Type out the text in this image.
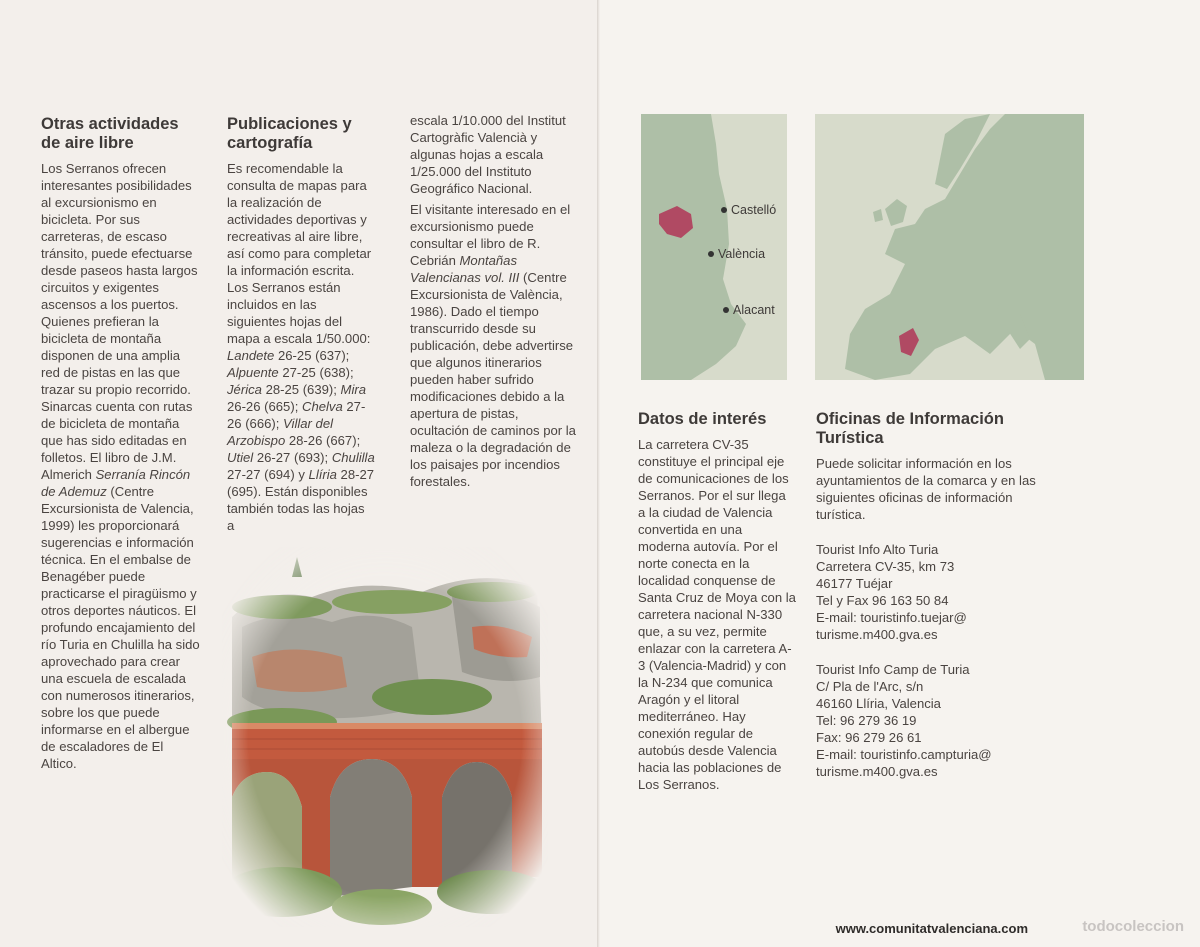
Otras actividades de aire libre

Los Serranos ofrecen interesantes posibilidades al excursionismo en bicicleta. Por sus carreteras, de escaso tránsito, puede efectuarse desde paseos hasta largos circuitos y exigentes ascensos a los puertos. Quienes prefieran la bicicleta de montaña disponen de una amplia red de pistas en las que trazar su propio recorrido. Sinarcas cuenta con rutas de bicicleta de montaña que has sido editadas en folletos. El libro de J.M. Almerich Serranía Rincón de Ademuz (Centre Excursionista de Valencia, 1999) les proporcionará sugerencias e información técnica. En el embalse de Benagéber puede practicarse el piragüismo y otros deportes náuticos. El profundo encajamiento del río Turia en Chulilla ha sido aprovechado para crear una escuela de escalada con numerosos itinerarios, sobre los que puede informarse en el albergue de escaladores de El Altico.

Publicaciones y cartografía

Es recomendable la consulta de mapas para la realización de actividades deportivas y recreativas al aire libre, así como para completar la información escrita. Los Serranos están incluidos en las siguientes hojas del mapa a escala 1/50.000: Landete 26-25 (637); Alpuente 27-25 (638); Jérica 28-25 (639); Mira 26-26 (665); Chelva 27-26 (666); Villar del Arzobispo 28-26 (667); Utiel 26-27 (693); Chulilla 27-27 (694) y Llíria 28-27 (695). Están disponibles también todas las hojas a

escala 1/10.000 del Institut Cartogràfic Valencià y algunas hojas a escala 1/25.000 del Instituto Geográfico Nacional.

El visitante interesado en el excursionismo puede consultar el libro de R. Cebrián Montañas Valencianas vol. III (Centre Excursionista de València, 1986). Dado el tiempo transcurrido desde su publicación, debe advertirse que algunos itinerarios pueden haber sufrido modificaciones debido a la apertura de pistas, ocultación de caminos por la maleza o la degradación de los paisajes por incendios forestales.

Castelló
València
Alacant
Datos de interés

La carretera CV-35 constituye el principal eje de comunicaciones de los Serranos. Por el sur llega a la ciudad de Valencia convertida en una moderna autovía. Por el norte conecta en la localidad conquense de Santa Cruz de Moya con la carretera nacional N-330 que, a su vez, permite enlazar con la carretera A-3 (Valencia-Madrid) y con la N-234 que comunica Aragón y el litoral mediterráneo. Hay conexión regular de autobús desde Valencia hacia las poblaciones de Los Serranos.

Oficinas de Información Turística

Puede solicitar información en los ayuntamientos de la comarca y en las siguientes oficinas de información turística.

Tourist Info Alto Turia
Carretera CV-35, km 73
46177 Tuéjar
Tel y Fax 96 163 50 84
E-mail: touristinfo.tuejar@
turisme.m400.gva.es

Tourist Info Camp de Turia
C/ Pla de l'Arc, s/n
46160 Llíria, Valencia
Tel: 96 279 36 19
Fax: 96 279 26 61
E-mail: touristinfo.campturia@
turisme.m400.gva.es

www.comunitatvalenciana.com	todocoleccion
